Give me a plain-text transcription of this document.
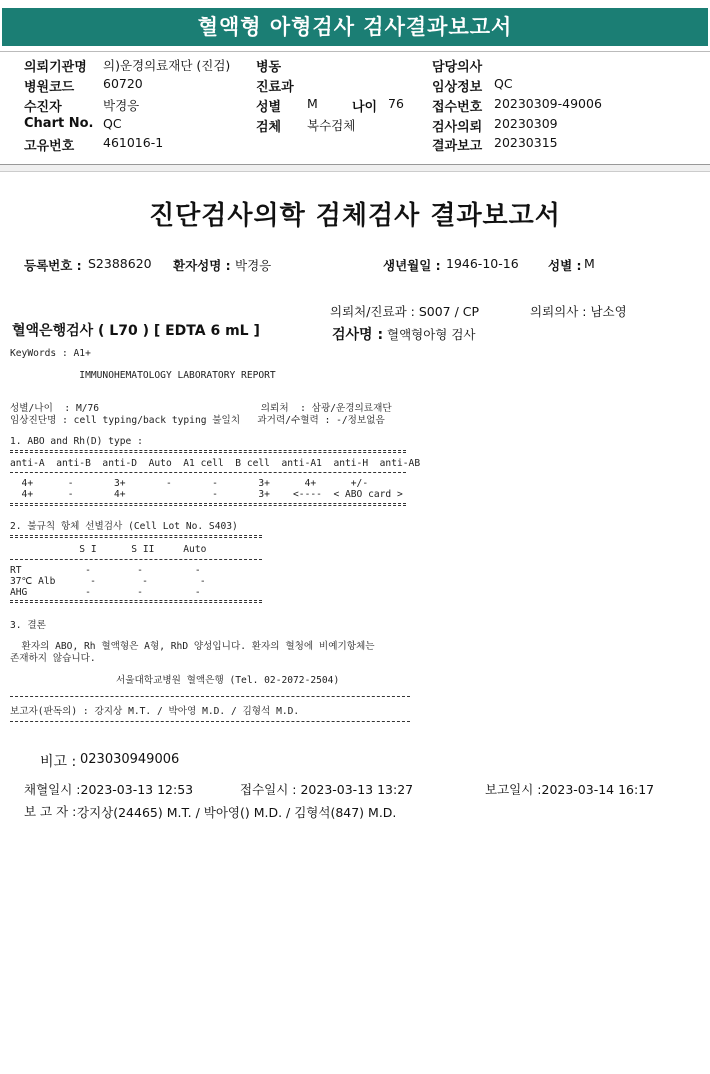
혈액형 아형검사 검사결과보고서
의뢰기관명 의)운경의료재단 (진검) 병동	담당의사
병원코드 60720	진료과	임상정보 QC
수진자	박경응	성별 M	나이 76 접수번호 20230309-49006
Chart No. QC	검체 복수검체	검사의뢰 20230309
고유번호 461016-1	결과보고 20230315
진단검사의학 검체검사 결과보고서
등록번호 : S2388620 환자성명 : 박경응	생년월일 : 1946-10-16 성별 : M
의뢰처/진료과 : S007 / CP	의뢰의사 : 남소영
혈액은행검사 ( L70 ) [ EDTA 6 mL ]	검사명 : 혈액형아형 검사
KeyWords : A1+
IMMUNOHEMATOLOGY LABORATORY REPORT
성별/나이  : M/76                            의뢰처  : 삼광/운경의료재단
임상진단명 : cell typing/back typing 불일치   과거력/수혈력 : -/정보없음
1. ABO and Rh(D) type :
anti-A  anti-B  anti-D  Auto  A1 cell  B cell  anti-A1  anti-H  anti-AB
4+      -       3+       -       -       3+      4+      +/-
4+      -       4+               -       3+    <----  < ABO card >
2. 불규칙 항체 선별검사 (Cell Lot No. S403)
S I      S II     Auto
RT           -        -         -
37℃ Alb      -        -         -
AHG          -        -         -
3. 결론
환자의 ABO, Rh 혈액형은 A형, RhD 양성입니다. 환자의 혈청에 비예기항체는
존재하지 않습니다.
서울대학교병원 혈액은행 (Tel. 02-2072-2504)
보고자(판독의) : 강지상 M.T. / 박아영 M.D. / 김형석 M.D.
비고 : 023030949006
채혈일시 :2023-03-13 12:53	접수일시 : 2023-03-13 13:27	보고일시 :2023-03-14 16:17
보 고 자 : 강지상(24465) M.T. / 박아영() M.D. / 김형석(847) M.D.
